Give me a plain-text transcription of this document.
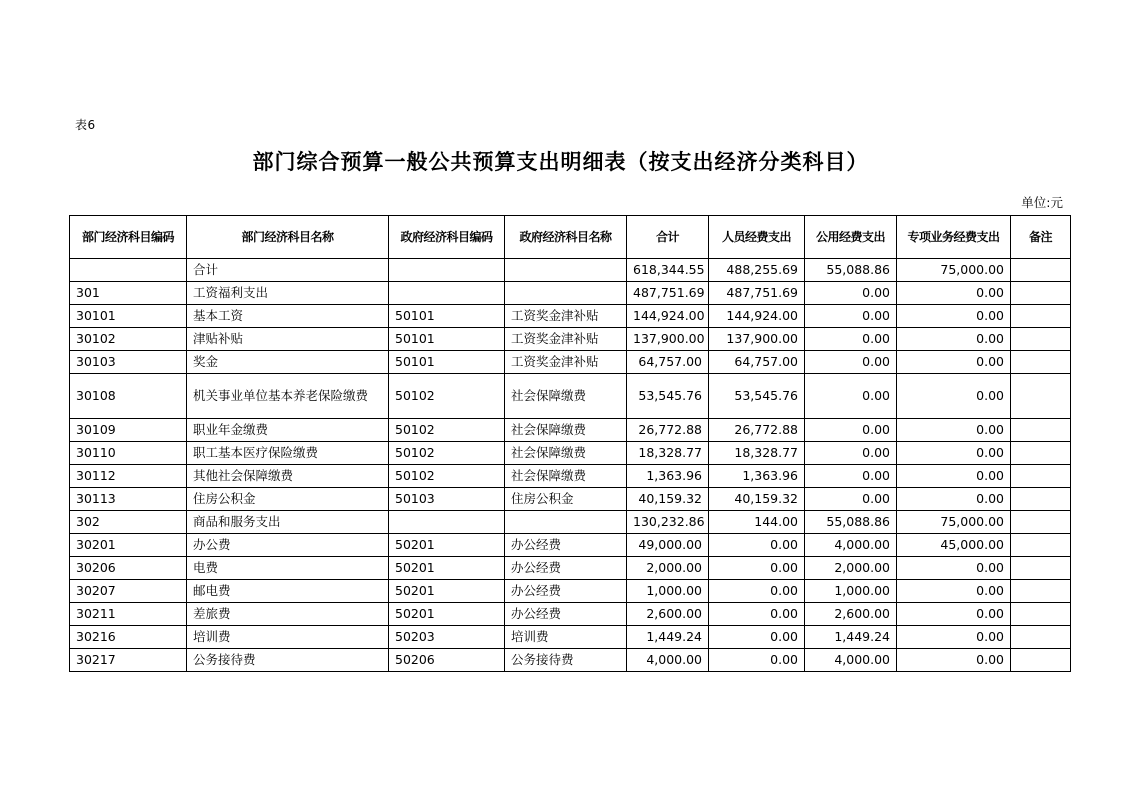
表6
部门综合预算一般公共预算支出明细表（按支出经济分类科目）
单位:元
部门经济科目编码	部门经济科目名称	政府经济科目编码	政府经济科目名称	合计	人员经费支出	公用经费支出	专项业务经费支出	备注
	合计			618,344.55	488,255.69	55,088.86	75,000.00	
301	工资福利支出			487,751.69	487,751.69	0.00	0.00	
30101	基本工资	50101	工资奖金津补贴	144,924.00	144,924.00	0.00	0.00	
30102	津贴补贴	50101	工资奖金津补贴	137,900.00	137,900.00	0.00	0.00	
30103	奖金	50101	工资奖金津补贴	64,757.00	64,757.00	0.00	0.00	
30108	机关事业单位基本养老保险缴费	50102	社会保障缴费	53,545.76	53,545.76	0.00	0.00	
30109	职业年金缴费	50102	社会保障缴费	26,772.88	26,772.88	0.00	0.00	
30110	职工基本医疗保险缴费	50102	社会保障缴费	18,328.77	18,328.77	0.00	0.00	
30112	其他社会保障缴费	50102	社会保障缴费	1,363.96	1,363.96	0.00	0.00	
30113	住房公积金	50103	住房公积金	40,159.32	40,159.32	0.00	0.00	
302	商品和服务支出			130,232.86	144.00	55,088.86	75,000.00	
30201	办公费	50201	办公经费	49,000.00	0.00	4,000.00	45,000.00	
30206	电费	50201	办公经费	2,000.00	0.00	2,000.00	0.00	
30207	邮电费	50201	办公经费	1,000.00	0.00	1,000.00	0.00	
30211	差旅费	50201	办公经费	2,600.00	0.00	2,600.00	0.00	
30216	培训费	50203	培训费	1,449.24	0.00	1,449.24	0.00	
30217	公务接待费	50206	公务接待费	4,000.00	0.00	4,000.00	0.00	
